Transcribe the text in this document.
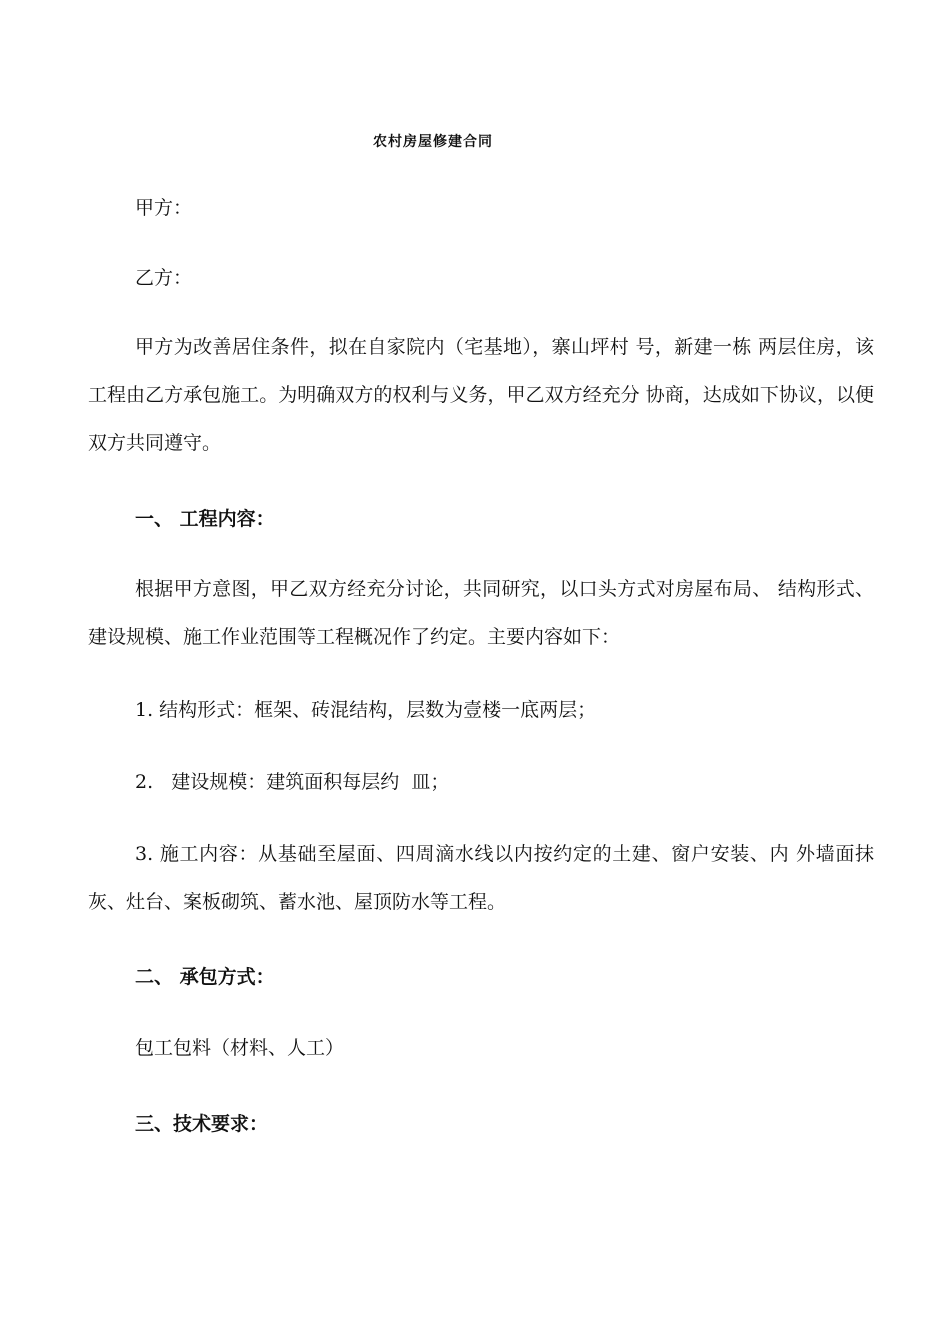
农村房屋修建合同
甲方：
乙方：
甲方为改善居住条件，拟在自家院内（宅基地），寨山坪村 号，新建一栋 两层住房，该工程由乙方承包施工。为明确双方的权利与义务，甲乙双方经充分 协商，达成如下协议，以便双方共同遵守。
一、 工程内容：
根据甲方意图，甲乙双方经充分讨论，共同研究，以口头方式对房屋布局、 结构形式、建设规模、施工作业范围等工程概况作了约定。主要内容如下：
1. 结构形式：框架、砖混结构，层数为壹楼一底两层；
2.   建设规模：建筑面积每层约  皿；
3. 施工内容：从基础至屋面、四周滴水线以内按约定的土建、窗户安装、内 外墙面抹灰、灶台、案板砌筑、蓄水池、屋顶防水等工程。
二、 承包方式：
包工包料（材料、人工）
三、技术要求：
